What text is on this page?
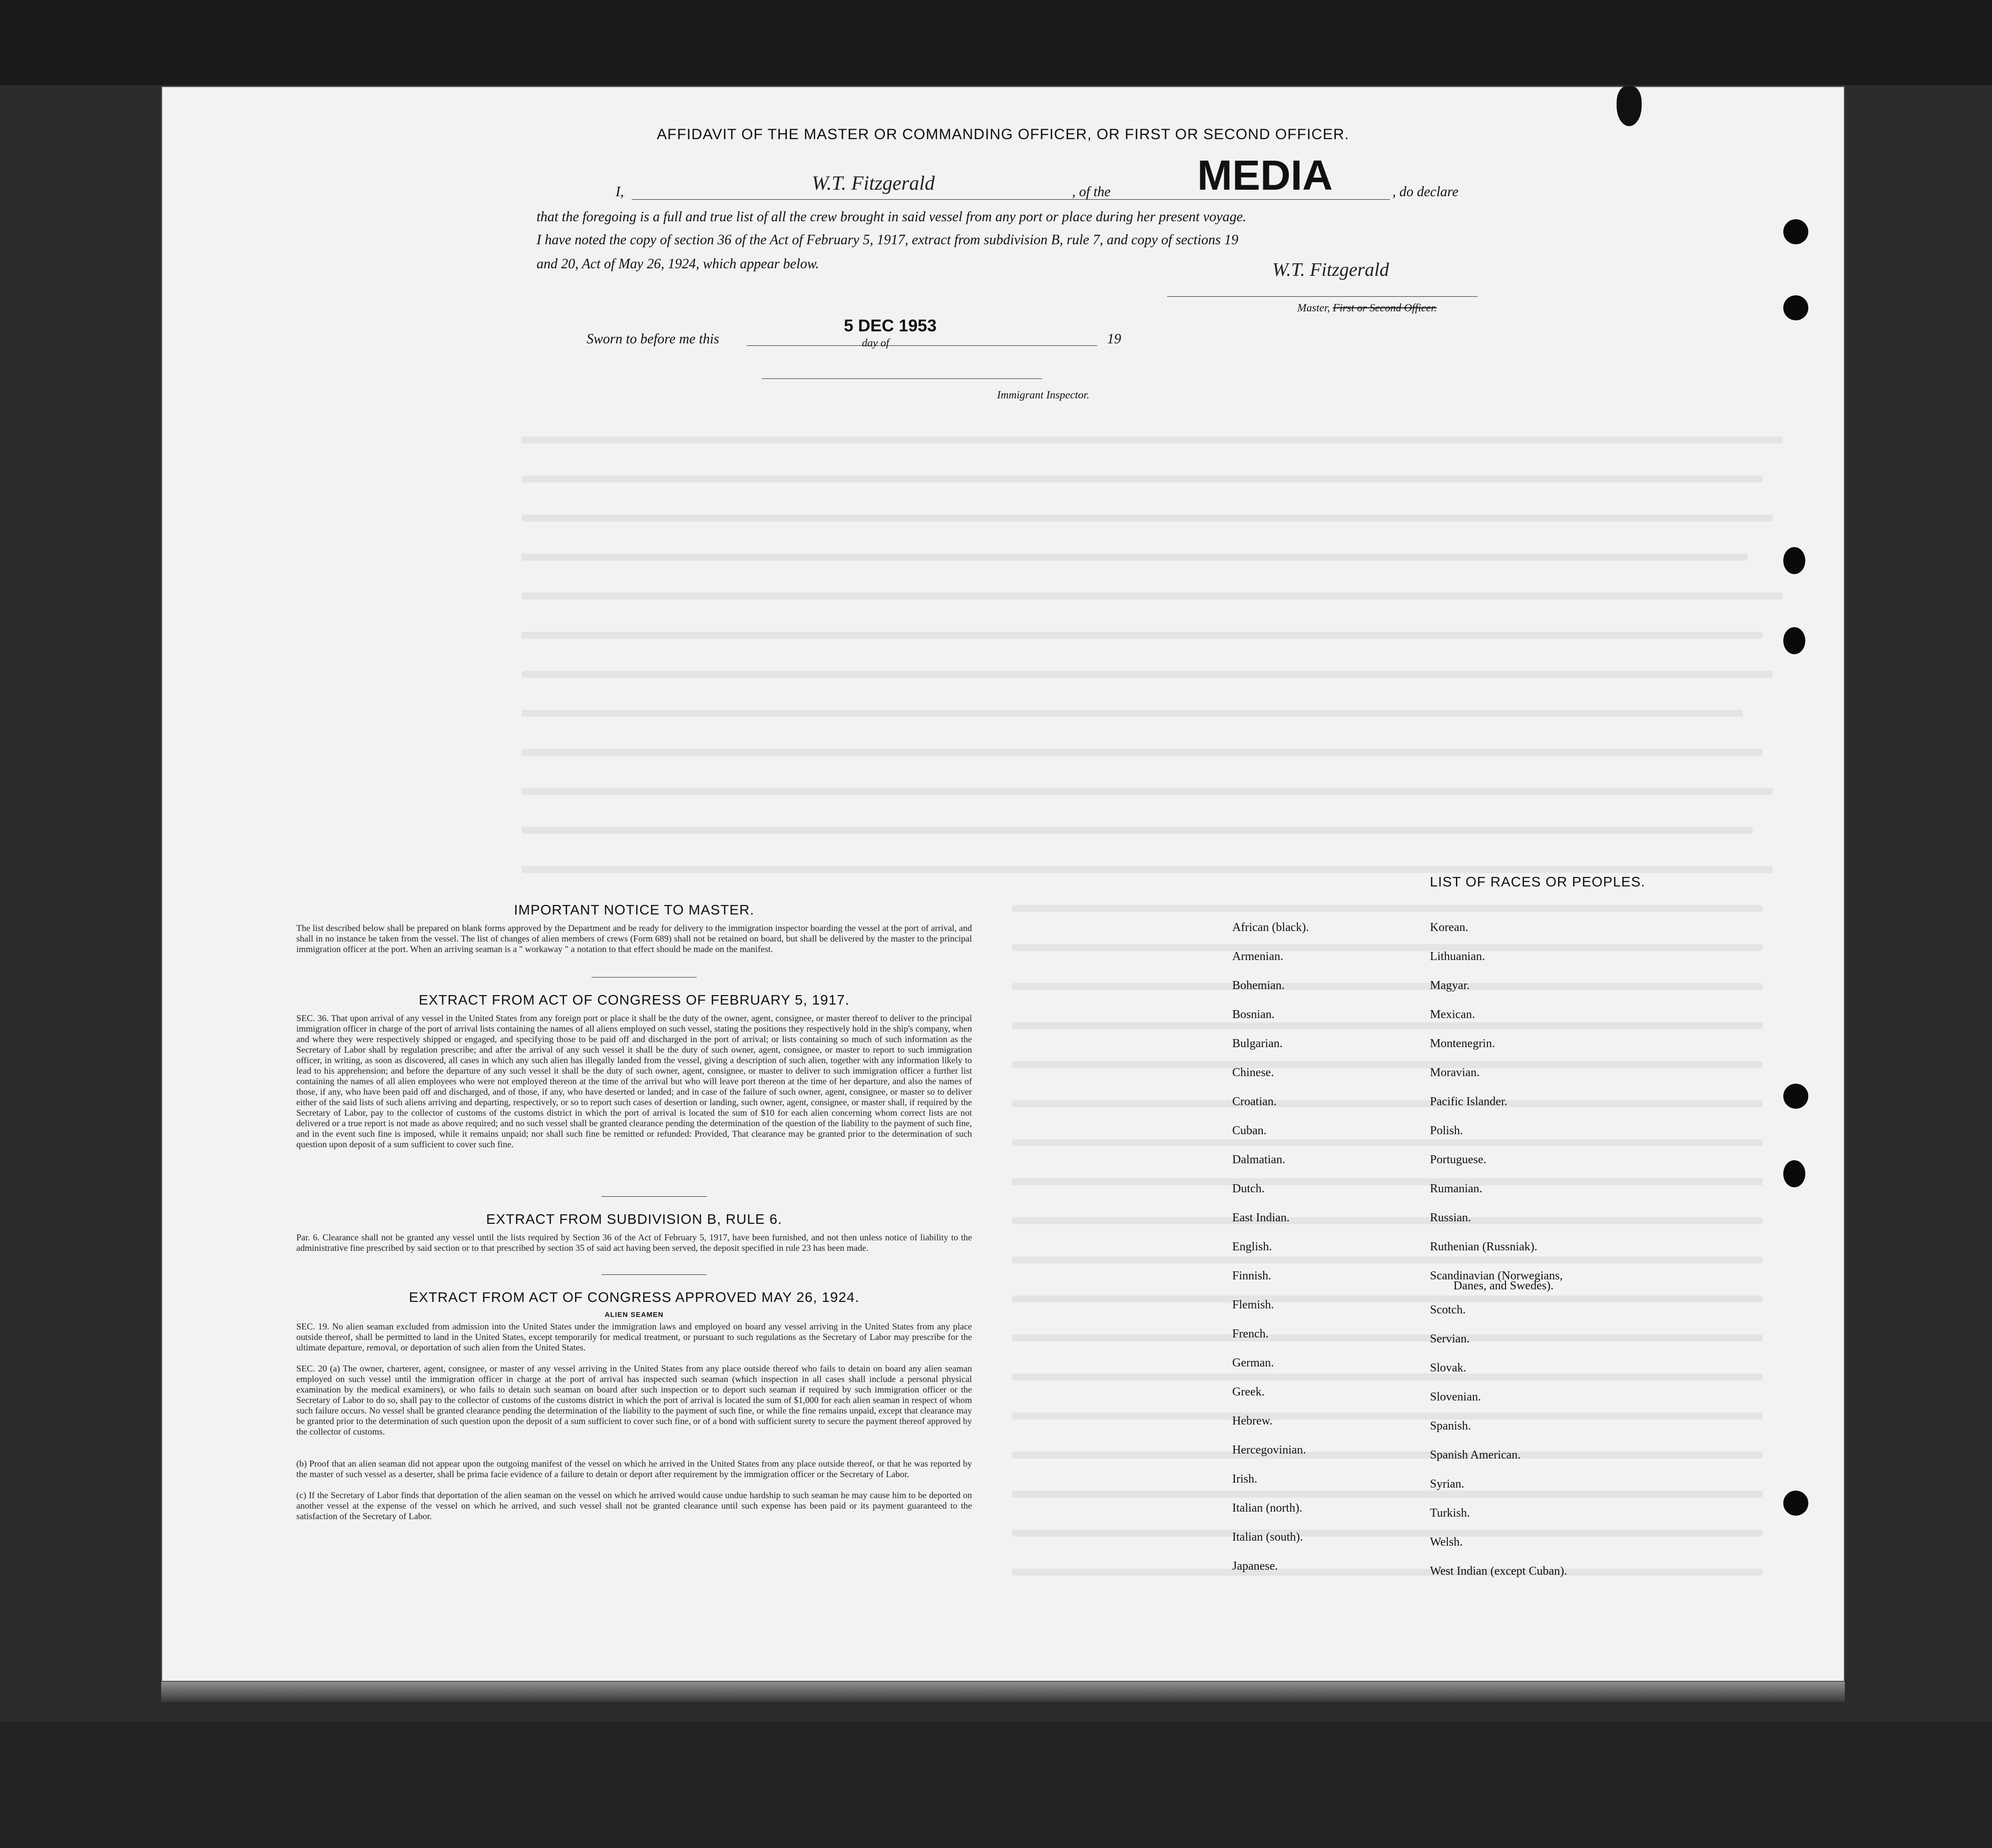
AFFIDAVIT OF THE MASTER OR COMMANDING OFFICER, OR FIRST OR SECOND OFFICER.
I,	W.T. Fitzgerald	, of the MEDIA	, do declare
that the foregoing is a full and true list of all the crew brought in said vessel from any port or place during her present voyage.
I have noted the copy of section 36 of the Act of February 5, 1917, extract from subdivision B, rule 7, and copy of sections 19
and 20, Act of May 26, 1924, which appear below.	W.T. Fitzgerald
Master, First or Second Officer.
Sworn to before me this
5 DEC 1953
day of	19
Immigrant Inspector.
IMPORTANT NOTICE TO MASTER.
The list described below shall be prepared on blank forms approved by the Department and be ready for delivery to the immigration inspector boarding the vessel at the port of arrival, and shall in no instance be taken from the vessel. The list of changes of alien members of crews (Form 689) shall not be retained on board, but shall be delivered by the master to the principal immigration officer at the port. When an arriving seaman is a " workaway " a notation to that effect should be made on the manifest.
EXTRACT FROM ACT OF CONGRESS OF FEBRUARY 5, 1917.
SEC. 36. That upon arrival of any vessel in the United States from any foreign port or place it shall be the duty of the owner, agent, consignee, or master thereof to deliver to the principal immigration officer in charge of the port of arrival lists containing the names of all aliens employed on such vessel, stating the positions they respectively hold in the ship's company, when and where they were respectively shipped or engaged, and specifying those to be paid off and discharged in the port of arrival; or lists containing so much of such information as the Secretary of Labor shall by regulation prescribe; and after the arrival of any such vessel it shall be the duty of such owner, agent, consignee, or master to report to such immigration officer, in writing, as soon as discovered, all cases in which any such alien has illegally landed from the vessel, giving a description of such alien, together with any information likely to lead to his apprehension; and before the departure of any such vessel it shall be the duty of such owner, agent, consignee, or master to deliver to such immigration officer a further list containing the names of all alien employees who were not employed thereon at the time of the arrival but who will leave port thereon at the time of her departure, and also the names of those, if any, who have been paid off and discharged, and of those, if any, who have deserted or landed; and in case of the failure of such owner, agent, consignee, or master so to deliver either of the said lists of such aliens arriving and departing, respectively, or so to report such cases of desertion or landing, such owner, agent, consignee, or master shall, if required by the Secretary of Labor, pay to the collector of customs of the customs district in which the port of arrival is located the sum of $10 for each alien concerning whom correct lists are not delivered or a true report is not made as above required; and no such vessel shall be granted clearance pending the determination of the question of the liability to the payment of such fine, and in the event such fine is imposed, while it remains unpaid; nor shall such fine be remitted or refunded: Provided, That clearance may be granted prior to the determination of such question upon deposit of a sum sufficient to cover such fine.
EXTRACT FROM SUBDIVISION B, RULE 6.
Par. 6. Clearance shall not be granted any vessel until the lists required by Section 36 of the Act of February 5, 1917, have been furnished, and not then unless notice of liability to the administrative fine prescribed by said section or to that prescribed by section 35 of said act having been served, the deposit specified in rule 23 has been made.
EXTRACT FROM ACT OF CONGRESS APPROVED MAY 26, 1924.
ALIEN SEAMEN
SEC. 19. No alien seaman excluded from admission into the United States under the immigration laws and employed on board any vessel arriving in the United States from any place outside thereof, shall be permitted to land in the United States, except temporarily for medical treatment, or pursuant to such regulations as the Secretary of Labor may prescribe for the ultimate departure, removal, or deportation of such alien from the United States.
SEC. 20 (a) The owner, charterer, agent, consignee, or master of any vessel arriving in the United States from any place outside thereof who fails to detain on board any alien seaman employed on such vessel until the immigration officer in charge at the port of arrival has inspected such seaman (which inspection in all cases shall include a personal physical examination by the medical examiners), or who fails to detain such seaman on board after such inspection or to deport such seaman if required by such immigration officer or the Secretary of Labor to do so, shall pay to the collector of customs of the customs district in which the port of arrival is located the sum of $1,000 for each alien seaman in respect of whom such failure occurs. No vessel shall be granted clearance pending the determination of the liability to the payment of such fine, or while the fine remains unpaid, except that clearance may be granted prior to the determination of such question upon the deposit of a sum sufficient to cover such fine, or of a bond with sufficient surety to secure the payment thereof approved by the collector of customs.
(b) Proof that an alien seaman did not appear upon the outgoing manifest of the vessel on which he arrived in the United States from any place outside thereof, or that he was reported by the master of such vessel as a deserter, shall be prima facie evidence of a failure to detain or deport after requirement by the immigration officer or the Secretary of Labor.
(c) If the Secretary of Labor finds that deportation of the alien seaman on the vessel on which he arrived would cause undue hardship to such seaman he may cause him to be deported on another vessel at the expense of the vessel on which he arrived, and such vessel shall not be granted clearance until such expense has been paid or its payment guaranteed to the satisfaction of the Secretary of Labor.
LIST OF RACES OR PEOPLES.
African (black).
Armenian.
Bohemian.
Bosnian.
Bulgarian.
Chinese.
Croatian.
Cuban.
Dalmatian.
Dutch.
East Indian.
English.
Finnish.
Flemish.
French.
German.
Greek.
Hebrew.
Hercegovinian.
Irish.
Italian (north).
Italian (south).
Japanese.
Korean.
Lithuanian.
Magyar.
Mexican.
Montenegrin.
Moravian.
Pacific Islander.
Polish.
Portuguese.
Rumanian.
Russian.
Ruthenian (Russniak).
Scandinavian (Norwegians,
Scotch.
Servian.
Slovak.
Slovenian.
Spanish.
Spanish American.
Syrian.
Turkish.
Welsh.
West Indian (except Cuban).
Danes, and Swedes).
